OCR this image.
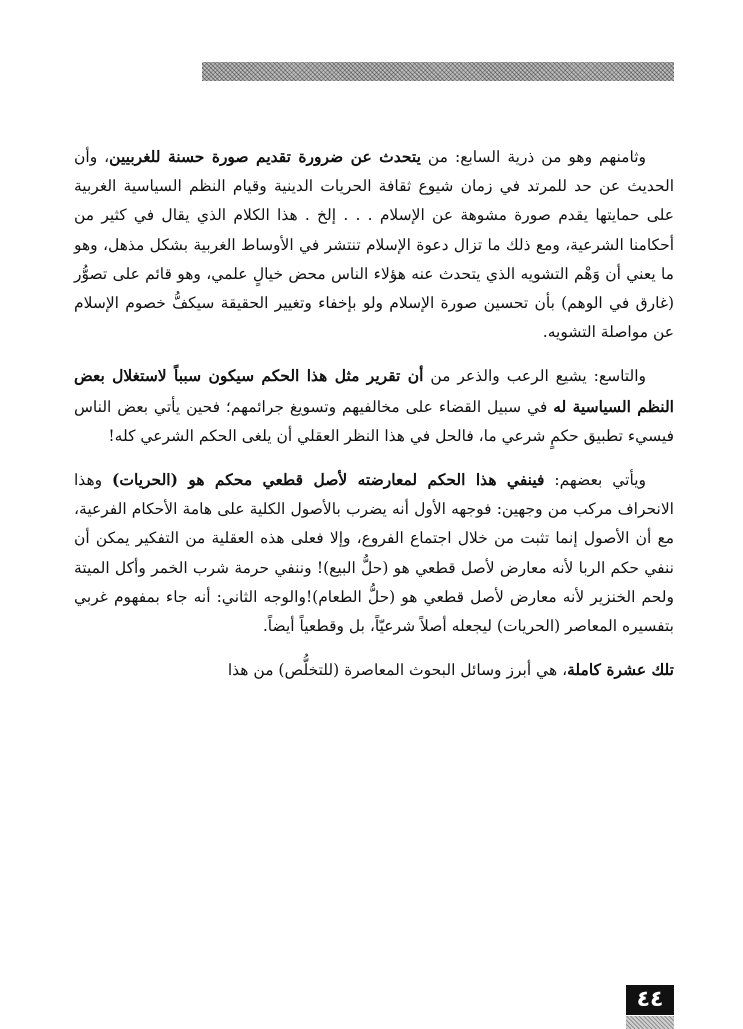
وثامنهم وهو من ذرية السابع: من يتحدث عن ضرورة تقديم صورة حسنة للغربيين، وأن الحديث عن حد للمرتد في زمان شيوع ثقافة الحريات الدينية وقيام النظم السياسية الغربية على حمايتها يقدم صورة مشوهة عن الإسلام . . . إلخ . هذا الكلام الذي يقال في كثير من أحكامنا الشرعية، ومع ذلك ما تزال دعوة الإسلام تنتشر في الأوساط الغربية بشكل مذهل، وهو ما يعني أن وَهْم التشويه الذي يتحدث عنه هؤلاء الناس محض خيالٍ علمي، وهو قائم على تصوُّر (غارق في الوهم) بأن تحسين صورة الإسلام ولو بإخفاء وتغيير الحقيقة سيكفُّ خصوم الإسلام عن مواصلة التشويه.

والتاسع: يشيع الرعب والذعر من أن تقرير مثل هذا الحكم سيكون سبباً لاستغلال بعض النظم السياسية له في سبيل القضاء على مخالفيهم وتسويغ جرائمهم؛ فحين يأتي بعض الناس فيسيء تطبيق حكمٍ شرعي ما، فالحل في هذا النظر العقلي أن يلغى الحكم الشرعي كله!

ويأتي بعضهم: فينفي هذا الحكم لمعارضته لأصل قطعي محكم هو (الحريات) وهذا الانحراف مركب من وجهين: فوجهه الأول أنه يضرب بالأصول الكلية على هامة الأحكام الفرعية، مع أن الأصول إنما تثبت من خلال اجتماع الفروع، وإلا فعلى هذه العقلية من التفكير يمكن أن ننفي حكم الربا لأنه معارض لأصل قطعي هو (حلُّ البيع)! وننفي حرمة شرب الخمر وأكل الميتة ولحم الخنزير لأنه معارض لأصل قطعي هو (حلُّ الطعام)!والوجه الثاني: أنه جاء بمفهوم غربي بتفسيره المعاصر (الحريات) ليجعله أصلاً شرعيّاً، بل وقطعياً أيضاً.

تلك عشرة كاملة، هي أبرز وسائل البحوث المعاصرة (للتخلُّص) من هذا

٤٤
